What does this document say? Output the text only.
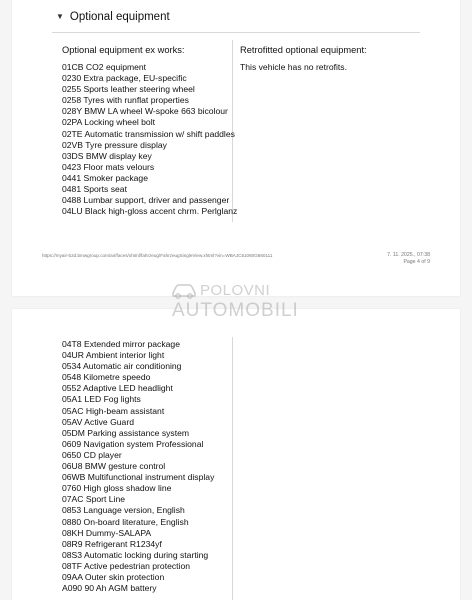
▼ Optional equipment
Optional equipment ex works:	Retrofitted optional equipment:
01CB CO2 equipment
0230 Extra package, EU-specific
0255 Sports leather steering wheel
0258 Tyres with runflat properties
028Y BMW LA wheel W-spoke 663 bicolour
02PA Locking wheel bolt
02TE Automatic transmission w/ shift paddles
02VB Tyre pressure display
03DS BMW display key
0423 Floor mats velours
0441 Smoker package
0481 Sports seat
0488 Lumbar support, driver and passenger
04LU Black high-gloss accent chrm. Perlglanz
This vehicle has no retrofits.
https://myair-b2d.bmwgroup.com/air/faces/xhtml/fahrzeug/FahrzeugSingleView.xhtml?vin=WBAJC51060G660111	7. 11. 2025., 07:38
Page 4 of 9
04T8 Extended mirror package
04UR Ambient interior light
0534 Automatic air conditioning
0548 Kilometre speedo
0552 Adaptive LED headlight
05A1 LED Fog lights
05AC High-beam assistant
05AV Active Guard
05DM Parking assistance system
0609 Navigation system Professional
0650 CD player
06U8 BMW gesture control
06WB Multifunctional instrument display
0760 High gloss shadow line
07AC Sport Line
0853 Language version, English
0880 On-board literature, English
08KH Dummy-SALAPA
08R9 Refrigerant R1234yf
08S3 Automatic locking during starting
08TF Active pedestrian protection
09AA Outer skin protection
A090 90 Ah AGM battery
POLOVNI
AUTOMOBILI
